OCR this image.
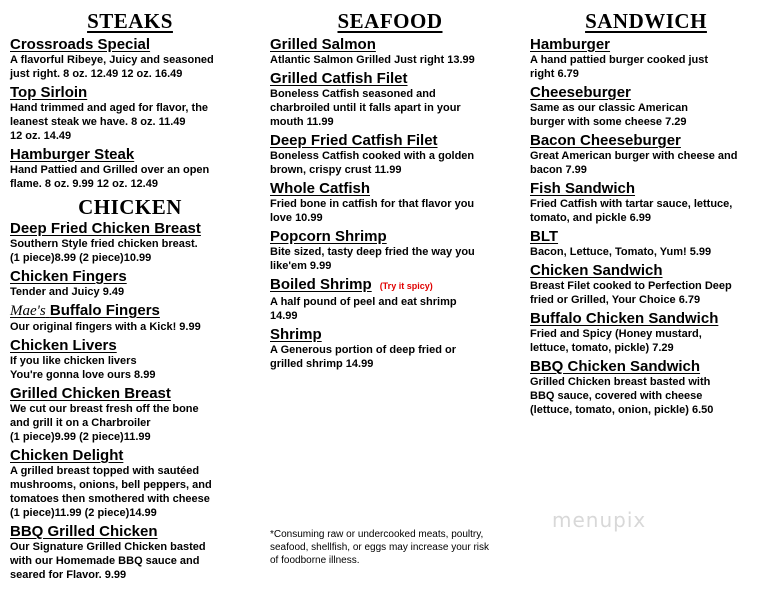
STEAKS
Crossroads Special
A flavorful Ribeye, Juicy and seasoned
just right. 8 oz. 12.49 12 oz. 16.49
Top Sirloin
Hand trimmed and aged for flavor, the
leanest steak we have. 8 oz. 11.49
12 oz. 14.49
Hamburger Steak
Hand Pattied and Grilled over an open
flame. 8 oz. 9.99 12 oz. 12.49
CHICKEN
Deep Fried Chicken Breast
Southern Style fried chicken breast.
(1 piece)8.99 (2 piece)10.99
Chicken Fingers
Tender and Juicy 9.49
Mae's Buffalo Fingers
Our original fingers with a Kick! 9.99
Chicken Livers
If you like chicken livers
You're gonna love ours 8.99
Grilled Chicken Breast
We cut our breast fresh off the bone
and grill it on a Charbroiler
(1 piece)9.99 (2 piece)11.99
Chicken Delight
A grilled breast topped with sautéed
mushrooms, onions, bell peppers, and
tomatoes then smothered with cheese
(1 piece)11.99 (2 piece)14.99
BBQ Grilled Chicken
Our Signature Grilled Chicken basted
with our Homemade BBQ sauce and
seared for Flavor. 9.99
SEAFOOD
Grilled Salmon
Atlantic Salmon Grilled Just right 13.99
Grilled Catfish Filet
Boneless Catfish seasoned and
charbroiled until it falls apart in your
mouth 11.99
Deep Fried Catfish Filet
Boneless Catfish cooked with a golden
brown, crispy crust 11.99
Whole Catfish
Fried bone in catfish for that flavor you
love 10.99
Popcorn Shrimp
Bite sized, tasty deep fried the way you
like'em 9.99
Boiled Shrimp (Try it spicy)
A half pound of peel and eat shrimp
14.99
Shrimp
A Generous portion of deep fried or
grilled shrimp 14.99
*Consuming raw or undercooked meats, poultry,
seafood, shellfish, or eggs may increase your risk
of foodborne illness.
SANDWICH
Hamburger
A hand pattied burger cooked just
right 6.79
Cheeseburger
Same as our classic American
burger with some cheese 7.29
Bacon Cheeseburger
Great American burger with cheese and
bacon 7.99
Fish Sandwich
Fried Catfish with tartar sauce, lettuce,
tomato, and pickle 6.99
BLT
Bacon, Lettuce, Tomato, Yum! 5.99
Chicken Sandwich
Breast Filet cooked to Perfection Deep
fried or Grilled, Your Choice 6.79
Buffalo Chicken Sandwich
Fried and Spicy (Honey mustard,
lettuce, tomato, pickle) 7.29
BBQ Chicken Sandwich
Grilled Chicken breast basted with
BBQ sauce, covered with cheese
(lettuce, tomato, onion, pickle) 6.50
menupix
